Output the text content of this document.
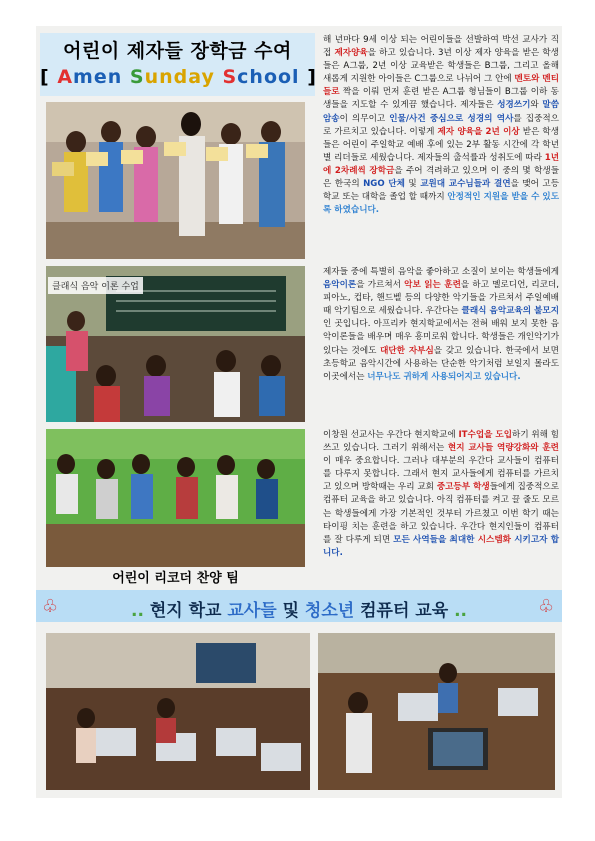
어린이 제자들 장학금 수여
[ Amen Sunday School ]
클래식 음악 이론 수업
어린이 리코더 찬양 팀

해 년마다 9세 이상 되는 어린이들을 선발하여 박선 교사가 직접 제자양육을 하고 있습니다. 3년 이상 제자 양육을 받은 학생들은 A그룹, 2년 이상 교육받은 학생들은 B그룹, 그리고 올해 새롭게 지원한 아이들은 C그룹으로 나뉘어 그 안에 멘토와 멘티들로 짝을 이뤄 먼저 훈련 받은 A그룹 형님들이 B그룹 이하 동생들을 지도할 수 있게끔 했습니다. 제자들은 성경쓰기와 말씀 암송이 의무이고 인물/사건 중심으로 성경의 역사를 집중적으로 가르치고 있습니다. 이렇게 제자 양육을 2년 이상 받은 학생들은 어린이 주일학교 예배 후에 있는 2부 활동 시간에 각 학년별 리더들로 세웠습니다. 제자들의 출석률과 성취도에 따라 1년에 2차례씩 장학금을 주어 격려하고 있으며 이 중의 몇 학생들은 한국의 NGO 단체 및 교원대 교수님들과 결연을 맺어 고등학교 또는 대학을 졸업 할 때까지 안정적인 지원을 받을 수 있도록 하였습니다.

제자들 중에 특별히 음악을 좋아하고 소질이 보이는 학생들에게 음악이론을 가르쳐서 악보 읽는 훈련을 하고 멜로디언, 리코더, 피아노, 컵타, 핸드벨 등의 다양한 악기들을 가르쳐서 주일예배 때 악기팀으로 세웠습니다. 우간다는 클래식 음악교육의 불모지인 곳입니다. 아프리카 현지학교에서는 전혀 배워 보지 못한 음악이론들을 배우며 매우 흥미로워 합니다. 학생들은 개인악기가 있다는 것에도 대단한 자부심을 갖고 있습니다. 한국에서 보면 초등학교 음악시간에 사용하는 단순한 악기처럼 보일지 몰라도 이곳에서는 너무나도 귀하게 사용되어지고 있습니다.

이창원 선교사는 우간다 현지학교에 IT수업을 도입하기 위해 힘쓰고 있습니다. 그러기 위해서는 현지 교사들 역량강화와 훈련이 매우 중요합니다. 그러나 대부분의 우간다 교사들이 컴퓨터를 다루지 못합니다. 그래서 현지 교사들에게 컴퓨터를 가르치고 있으며 방학때는 우리 교회 중고등부 학생들에게 집중적으로 컴퓨터 교육을 하고 있습니다. 아직 컴퓨터를 켜고 끌 줄도 모르는 학생들에게 가장 기본적인 것부터 가르쳤고 이번 학기 때는 타이핑 치는 훈련을 하고 있습니다. 우간다 현지인들이 컴퓨터를 잘 다루게 되면 모든 사역들을 최대한 시스템화 시키고자 합니다.

♧	♧
.. 현지 학교 교사들 및 청소년 컴퓨터 교육 ..
